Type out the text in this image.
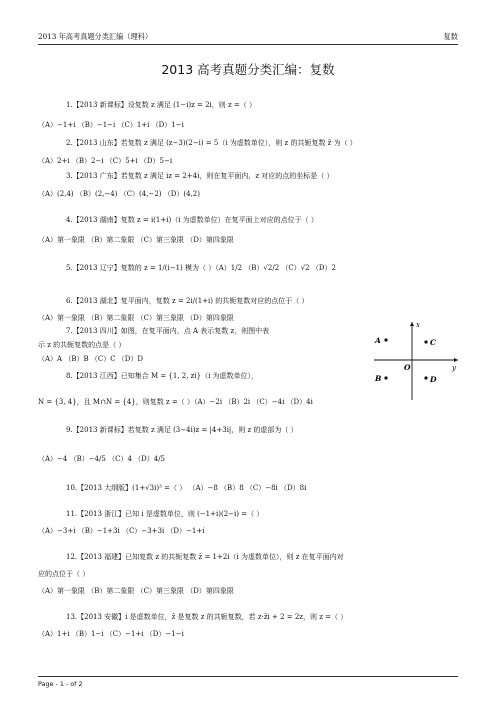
2013 年高考真题分类汇编（理科）	复数
2013 高考真题分类汇编：复数
1.【2013 新课标】设复数 z 满足 (1−i)z = 2i，则 z =（ ）
（A）−1+i （B）−1−i （C）1+i （D）1−i
2.【2013 山东】若复数 z 满足 (z−3)(2−i) = 5（i 为虚数单位），则 z 的共轭复数 z̄ 为（ ）
（A）2+i （B）2−i （C）5+i （D）5−i
3.【2013 广东】若复数 z 满足 iz = 2+4i，则在复平面内，z 对应的点的坐标是（ ）
（A）(2,4) （B）(2,−4) （C）(4,−2) （D）(4,2)
4.【2013 湖南】复数 z = i(1+i)（i 为虚数单位）在复平面上对应的点位于（ ）
（A）第一象限 （B）第二象限 （C）第三象限 （D）第四象限
5.【2013 辽宁】复数的 z = 1/(i−1) 模为（ ）（A）1/2 （B）√2/2 （C）√2 （D）2
6.【2013 湖北】复平面内，复数 z = 2i/(1+i) 的共轭复数对应的点位于（ ）
（A）第一象限 （B）第二象限 （C）第三象限 （D）第四象限
7.【2013 四川】如图，在复平面内，点 A 表示复数 z，则图中表
示 z 的共轭复数的点是（ ）
（A）A （B）B （C）C （D）D
8.【2013 江西】已知集合 M = {1, 2, zi}（i 为虚数单位），
N = {3, 4}，且 M∩N = {4}，则复数 z =（ ）（A）−2i （B）2i （C）−4i （D）4i
9.【2013 新课标】若复数 z 满足 (3−4i)z = |4+3i|，则 z 的虚部为（ ）
（A）−4 （B）−4/5 （C）4 （D）4/5
10.【2013 大纲版】(1+√3i)³ =（ ） （A）−8 （B）8 （C）−8i （D）8i
11.【2013 浙江】已知 i 是虚数单位，则 (−1+i)(2−i) =（ ）
（A）−3+i （B）−1+3i （C）−3+3i （D）−1+i
12.【2013 福建】已知复数 z 的共轭复数 z̄ = 1+2i（i 为虚数单位），则 z 在复平面内对
应的点位于（ ）
（A）第一象限 （B）第二象限 （C）第三象限 （D）第四象限
13.【2013 安徽】i 是虚数单位，z̄ 是复数 z 的共轭复数，若 z·z̄i + 2 = 2z，则 z =（ ）
（A）1+i （B）1−i （C）−1+i （D）−1−i
x
y
O
A
B
C
D
Page - 1 - of 2
